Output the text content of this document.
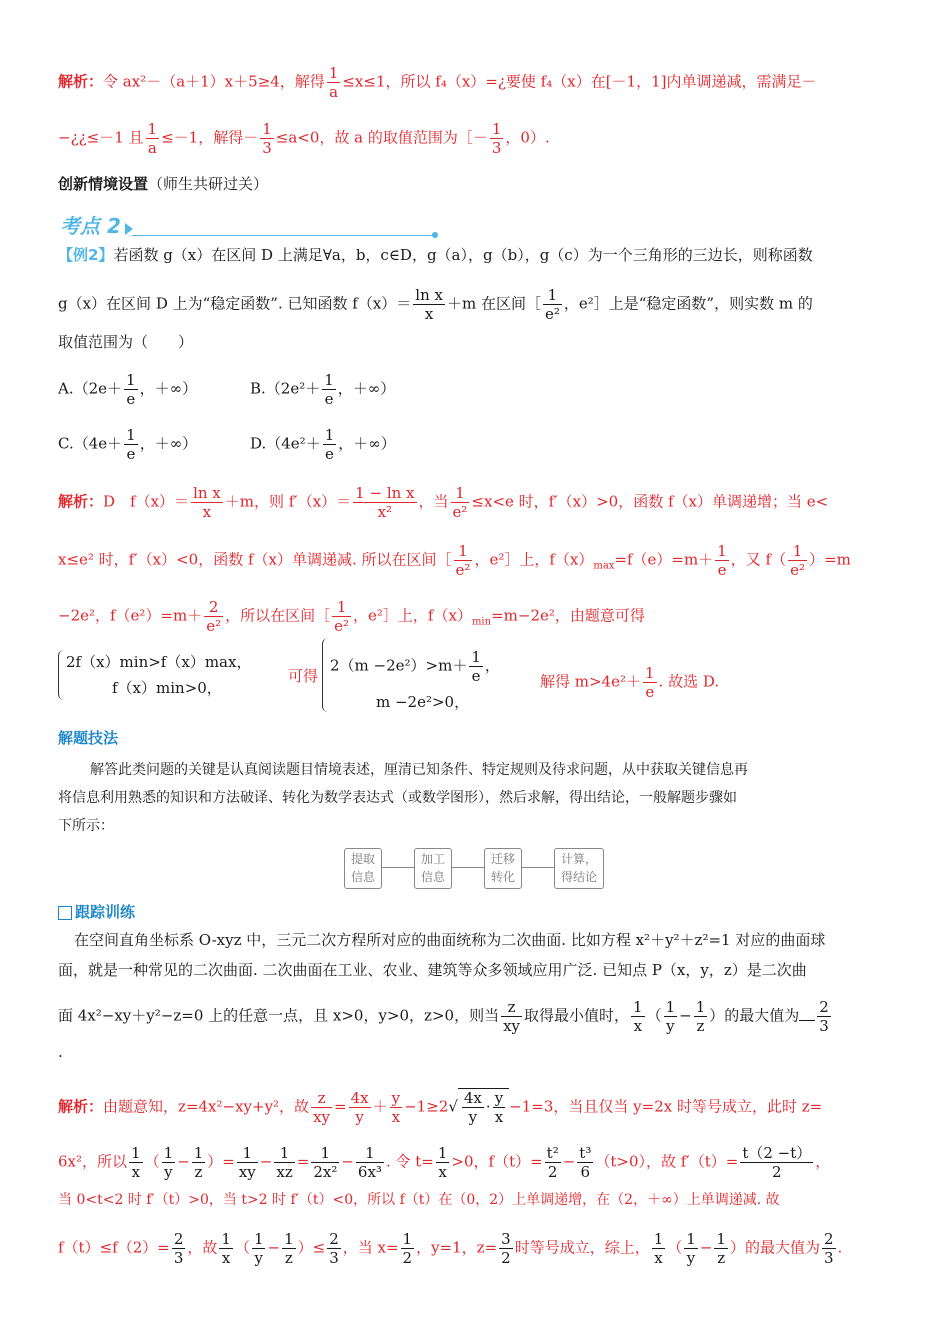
解析：令 ax²－（a＋1）x＋5≥4，解得 $\frac{1}{a} \le x\le 1$，所以 f₄（x）=¿要使 f₄（x）在[－1，1]内单调递减，需满足－
−¿¿≤－1 且 $\frac{1}{a} \le-1$，解得－ $\frac{1}{3} \le a<0$，故 a 的取值范围为［－ $\frac{1}{3}$ ，0）.
创新情境设置（师生共研过关）
考点 2
【例2】若函数 g（x）在区间 D 上满足∀a，b，c∈D，g（a），g（b），g（c）为一个三角形的三边长，则称函数
g（x）在区间 D 上为“稳定函数”. 已知函数 $f(x)= \frac{\text{ln x}}{x} +m$ 在区间［ $\frac{1}{\text{e²}}$ ，e²］上是“稳定函数”，则实数 m 的
取值范围为（　　）
$A.(2e+ \frac{1}{e}$ ，＋∞）	$B.(2e^2+ \frac{1}{e}$ ，＋∞）
$C.(4e+ \frac{1}{e}$ ，＋∞）	$D.(4e^2+ \frac{1}{e}$ ，＋∞）
解析：D　$f(x)= \frac{\text{ln x}}{x} +m$，则 $f'(x)= \frac{\text{1 − ln x}}{\text{x²}}$ ，当 $\frac{1}{\text{e²}} \le x<e$ 时，f′（x）>0，函数 f（x）单调递增；当 e<
x≤e² 时，f′（x）<0，函数 f（x）单调递减. 所以在区间［ $\frac{1}{\text{e²}}$ ，e²］上，$f(x)_{max}=f(e)=m+ \frac{1}{e}$ ，又 $f( \frac{1}{\text{e²}} )=m$
−2e²，$f(e^2)=m+ \frac{2}{\text{e²}}$ ，所以在区间［ $\frac{1}{\text{e²}}$ ，e²］上，$f(x)_{min}=m-2e^2$，由题意可得
2f（x）min>f（x）max，
f（x）min>0，
可得
$2(m -2e^2)>m+ \frac{1}{e}$ ，
m −2e²>0，
解得 $m>4e^2+ \frac{1}{e}$ . 故选 D.
解题技法
解答此类问题的关键是认真阅读题目情境表述，厘清已知条件、特定规则及待求问题，从中获取关键信息再
将信息利用熟悉的知识和方法破译、转化为数学表达式（或数学图形），然后求解，得出结论，一般解题步骤如
下所示：
提取
信息
加工
信息
迁移
转化
计算，
得结论
跟踪训练
在空间直角坐标系 O-xyz 中，三元二次方程所对应的曲面统称为二次曲面. 比如方程 x²＋y²＋z²=1 对应的曲面球
面，就是一种常见的二次曲面. 二次曲面在工业、农业、建筑等众多领域应用广泛. 已知点 P（x，y，z）是二次曲
面 4x²−xy＋y²−z=0 上的任意一点，且 x>0，y>0，z>0，则当 $\frac{z}{xy}$ 取得最小值时， $\frac{1}{x}$ （ $\frac{1}{y} - \frac{1}{z}$ ）的最大值为 $\frac{2}{3}$
.
解析：由题意知，z=4x²−xy+y²，故 $\frac{z}{xy} = \frac{4x}{y} + \frac{y}{x} -1\ge 2√ \frac{4x}{y} \cdot \frac{y}{x} -1=3$，当且仅当 y=2x 时等号成立，此时 z=
6x²，所以 $\frac{1}{x}$ （ $\frac{1}{y} - \frac{1}{z}$ ）= $\frac{1}{xy} - \frac{1}{xz} = \frac{1}{\text{2x²}} - \frac{1}{\text{6x³}}$ . 令 $t= \frac{1}{x} >0$，$f(t)= \frac{\text{t²}}{2} - \frac{\text{t³}}{6} (t>0)$，故 $f'(t)= \frac{t(2 -t)}{2}$ ，
当 0<t<2 时 f′（t）>0，当 t>2 时 f′（t）<0，所以 f（t）在（0，2）上单调递增，在（2，＋∞）上单调递减. 故
$f(t)\le f(2)= \frac{2}{3}$ ，故 $\frac{1}{x}$ （ $\frac{1}{y} - \frac{1}{z}$ ）≤ $\frac{2}{3}$ ，当 $x= \frac{1}{2}$ ，y=1，$z= \frac{3}{2}$ 时等号成立，综上， $\frac{1}{x}$ （ $\frac{1}{y} - \frac{1}{z}$ ）的最大值为 $\frac{2}{3}$ .
